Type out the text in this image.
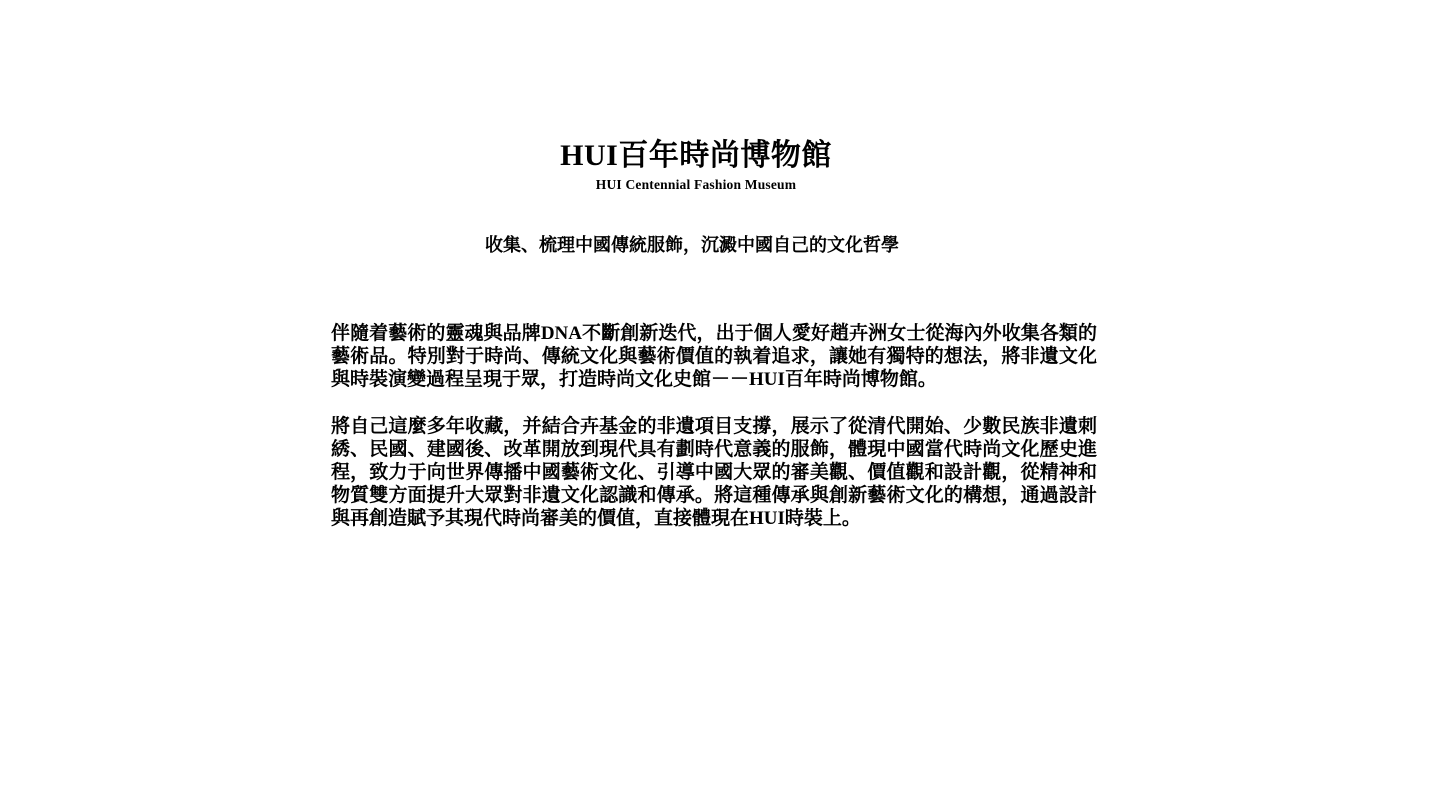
HUI百年時尚博物館
HUI Centennial Fashion Museum
收集、梳理中國傳統服飾，沉澱中國自己的文化哲學

伴隨着藝術的靈魂與品牌DNA不斷創新迭代，出于個人愛好趙卉洲女士從海內外收集各類的藝術品。特別對于時尚、傳統文化與藝術價值的執着追求，讓她有獨特的想法，將非遺文化與時裝演變過程呈現于眾，打造時尚文化史館－－HUI百年時尚博物館。

將自己這麼多年收藏，并結合卉基金的非遺項目支撐，展示了從清代開始、少數民族非遺刺綉、民國、建國後、改革開放到現代具有劃時代意義的服飾，體現中國當代時尚文化歷史進程，致力于向世界傳播中國藝術文化、引導中國大眾的審美觀、價值觀和設計觀，從精神和物質雙方面提升大眾對非遺文化認識和傳承。將這種傳承與創新藝術文化的構想，通過設計與再創造賦予其現代時尚審美的價值，直接體現在HUI時裝上。
